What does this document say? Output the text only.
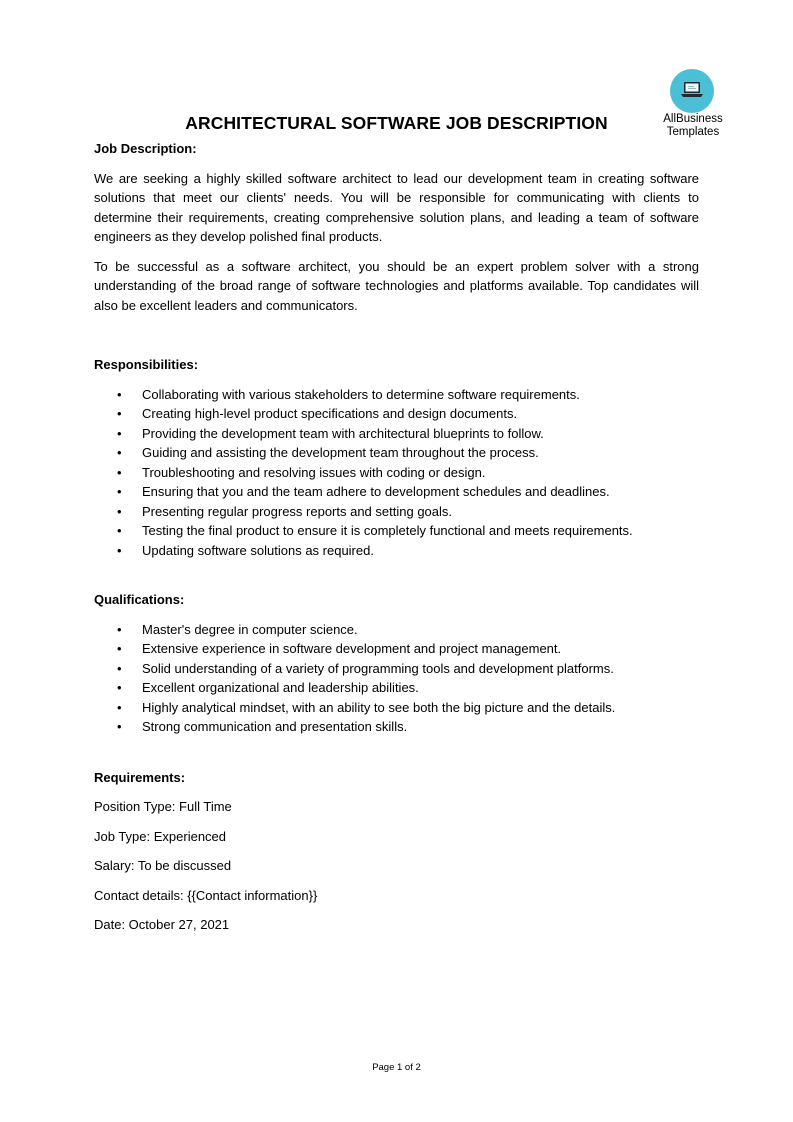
AllBusiness
Templates
ARCHITECTURAL SOFTWARE JOB DESCRIPTION

Job Description:

We are seeking a highly skilled software architect to lead our development team in creating software solutions that meet our clients' needs. You will be responsible for communicating with clients to determine their requirements, creating comprehensive solution plans, and leading a team of software engineers as they develop polished final products.

To be successful as a software architect, you should be an expert problem solver with a strong understanding of the broad range of software technologies and platforms available. Top candidates will also be excellent leaders and communicators.

Responsibilities:

• Collaborating with various stakeholders to determine software requirements.
• Creating high-level product specifications and design documents.
• Providing the development team with architectural blueprints to follow.
• Guiding and assisting the development team throughout the process.
• Troubleshooting and resolving issues with coding or design.
• Ensuring that you and the team adhere to development schedules and deadlines.
• Presenting regular progress reports and setting goals.
• Testing the final product to ensure it is completely functional and meets requirements.
• Updating software solutions as required.

Qualifications:

• Master's degree in computer science.
• Extensive experience in software development and project management.
• Solid understanding of a variety of programming tools and development platforms.
• Excellent organizational and leadership abilities.
• Highly analytical mindset, with an ability to see both the big picture and the details.
• Strong communication and presentation skills.

Requirements:

Position Type: Full Time

Job Type: Experienced

Salary: To be discussed

Contact details: {{Contact information}}

Date: October 27, 2021

Page 1 of 2
